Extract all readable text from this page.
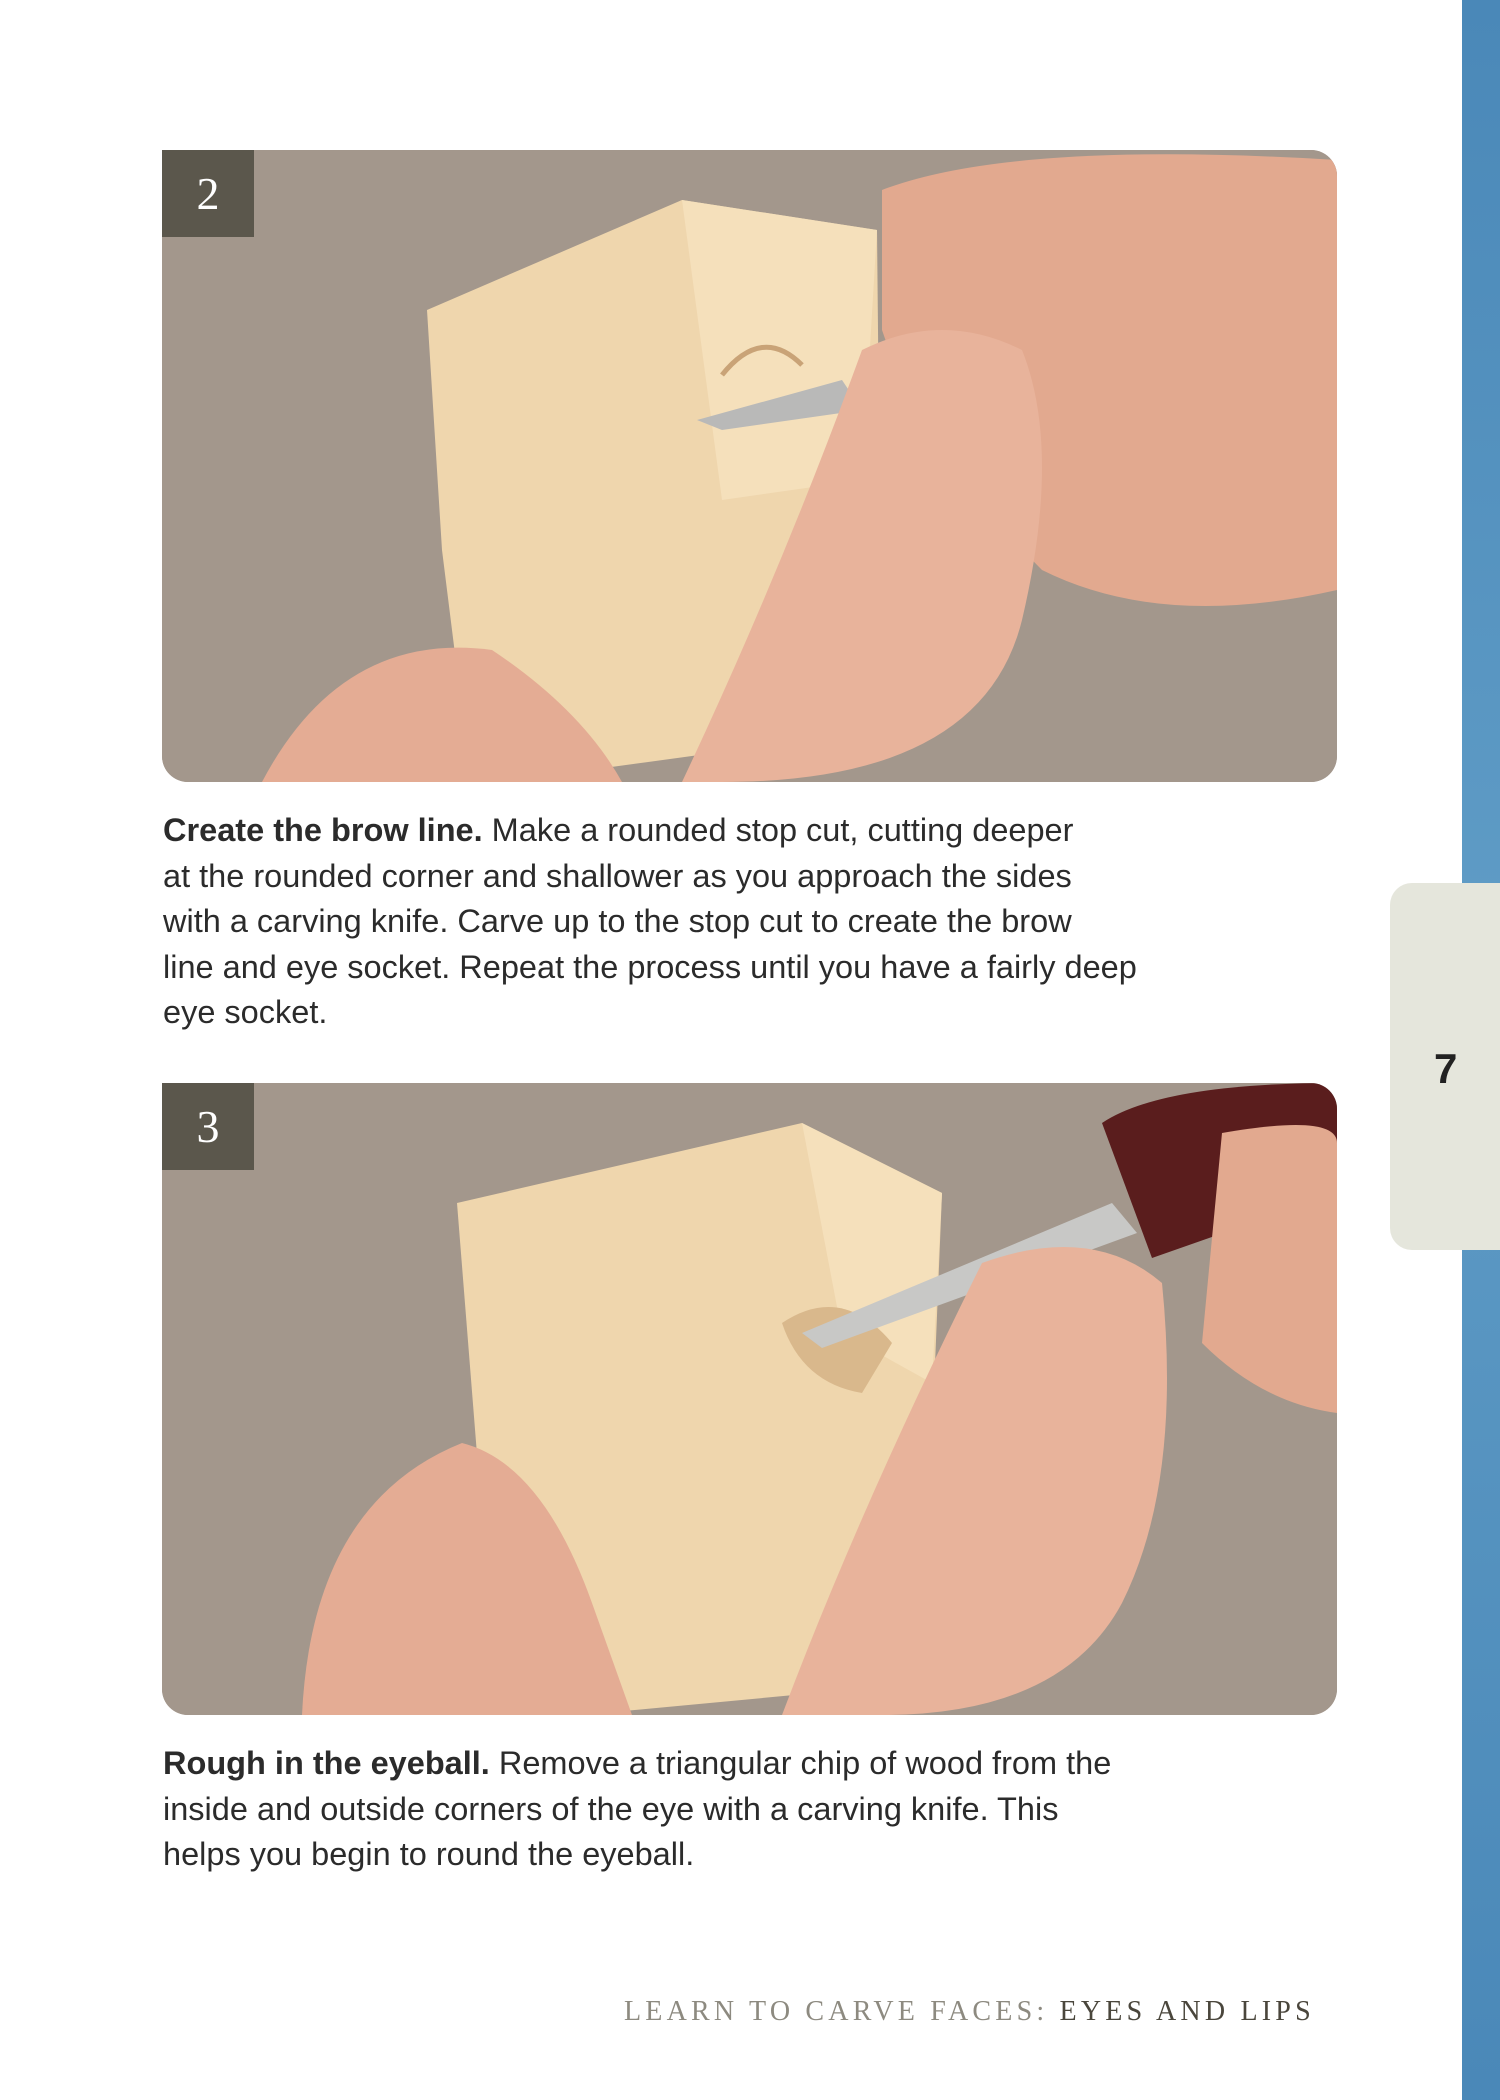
7
2
Create the brow line. Make a rounded stop cut, cutting deeper
at the rounded corner and shallower as you approach the sides
with a carving knife. Carve up to the stop cut to create the brow
line and eye socket. Repeat the process until you have a fairly deep
eye socket.
3
Rough in the eyeball. Remove a triangular chip of wood from the
inside and outside corners of the eye with a carving knife. This
helps you begin to round the eyeball.
LEARN TO CARVE FACES: EYES AND LIPS
